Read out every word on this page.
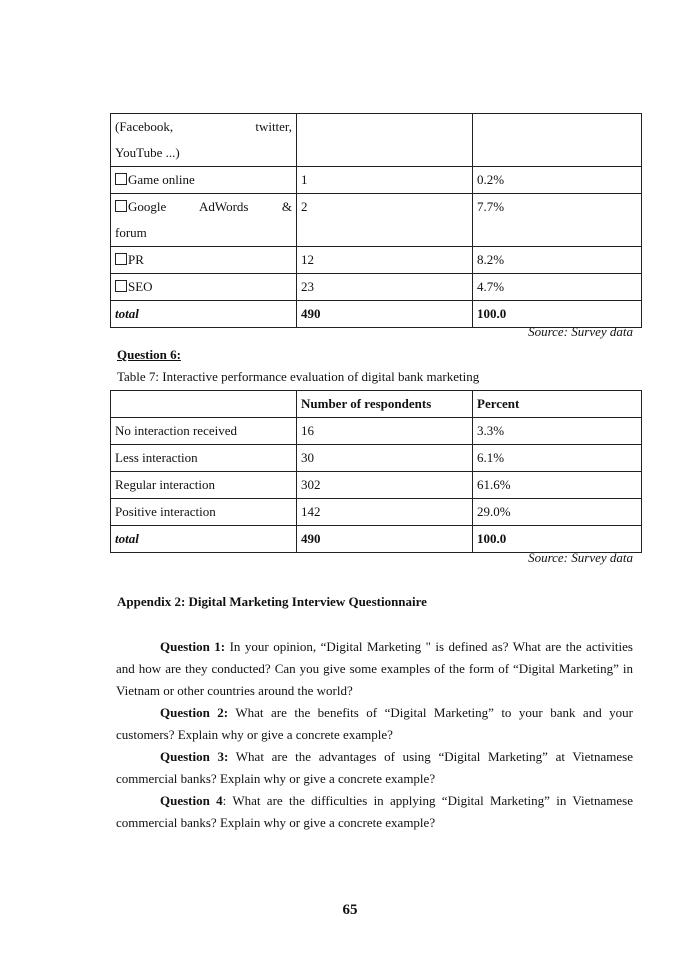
(Facebook, twitter,
YouTube ...)		

Game online	1	0.2%

Google AdWords &
forum	2	7.7%
PR	12	8.2%
SEO	23	4.7%
total	490	100.0
Source: Survey data
Question 6:
Table 7: Interactive performance evaluation of digital bank marketing
	Number of respondents	Percent
No interaction received	16	3.3%
Less interaction	30	6.1%
Regular interaction	302	61.6%
Positive interaction	142	29.0%
total	490	100.0
Source: Survey data
Appendix 2: Digital Marketing Interview Questionnaire

Question 1: In your opinion, “Digital Marketing " is defined as? What are the activities and how are they conducted? Can you give some examples of the form of “Digital Marketing” in Vietnam or other countries around the world?

Question 2: What are the benefits of “Digital Marketing” to your bank and your customers? Explain why or give a concrete example?

Question 3: What are the advantages of using “Digital Marketing” at Vietnamese commercial banks? Explain why or give a concrete example?

Question 4: What are the difficulties in applying “Digital Marketing” in Vietnamese commercial banks? Explain why or give a concrete example?

65
